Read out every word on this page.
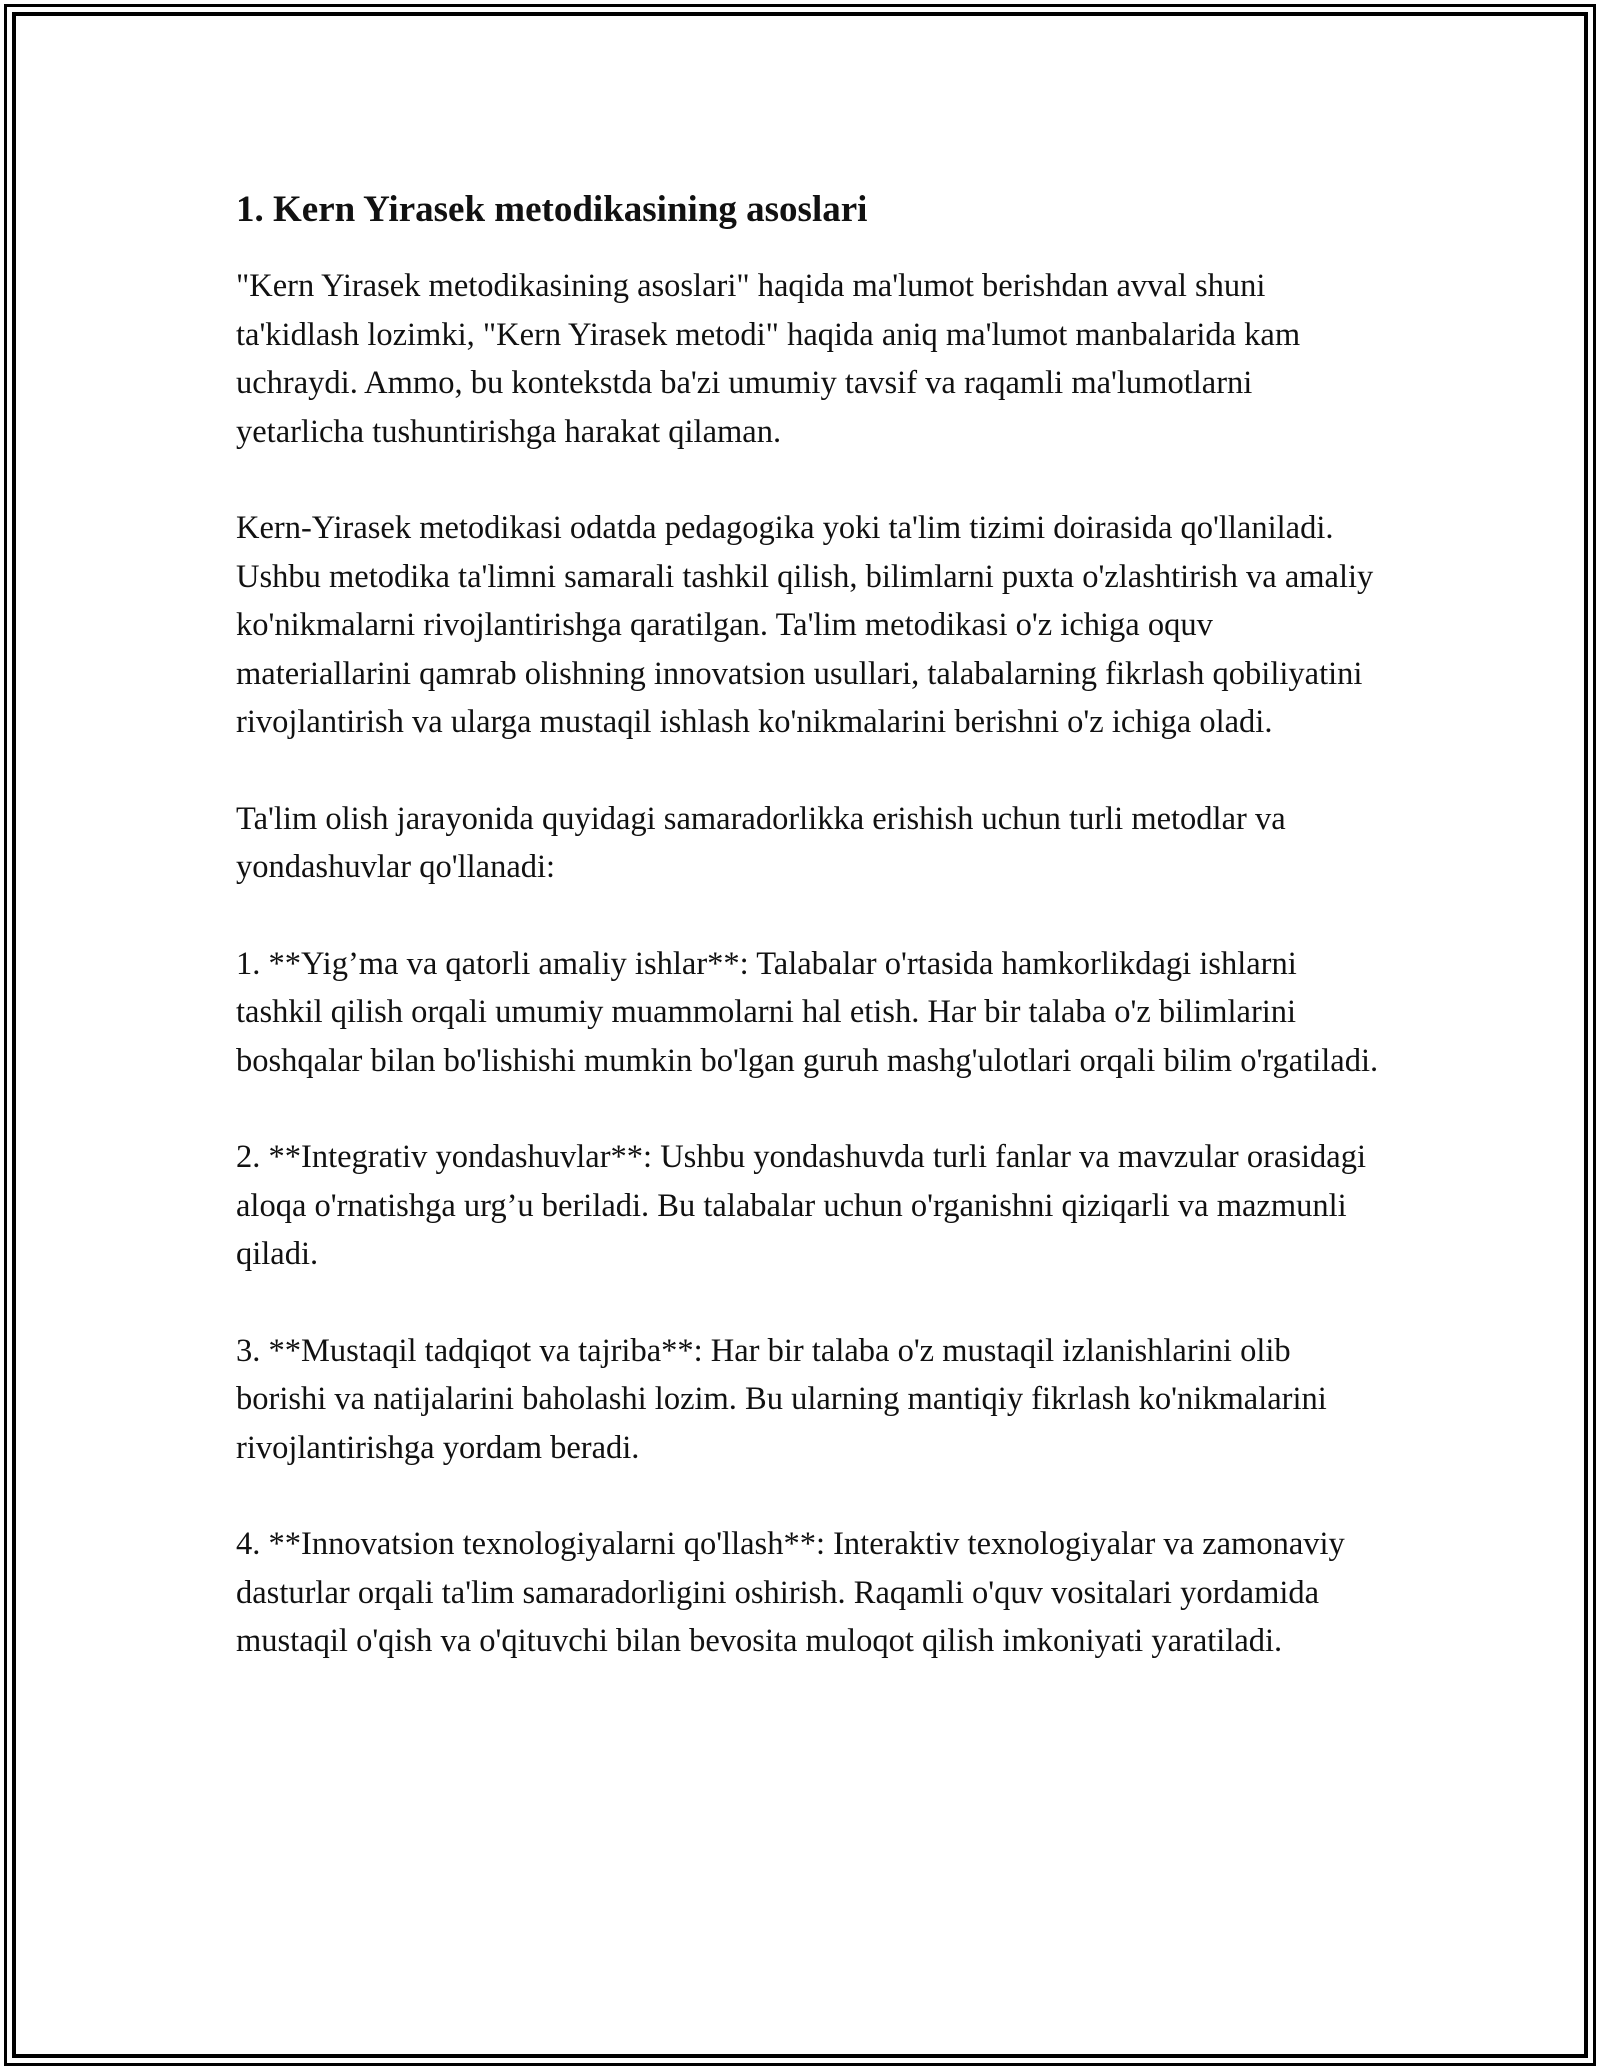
1. Kern Yirasek metodikasining asoslari

"Kern Yirasek metodikasining asoslari" haqida ma'lumot berishdan avval shuni ta'kidlash lozimki, "Kern Yirasek metodi" haqida aniq ma'lumot manbalarida kam uchraydi. Ammo, bu kontekstda ba'zi umumiy tavsif va raqamli ma'lumotlarni yetarlicha tushuntirishga harakat qilaman.

Kern-Yirasek metodikasi odatda pedagogika yoki ta'lim tizimi doirasida qo'llaniladi. Ushbu metodika ta'limni samarali tashkil qilish, bilimlarni puxta o'zlashtirish va amaliy ko'nikmalarni rivojlantirishga qaratilgan. Ta'lim metodikasi o'z ichiga oquv materiallarini qamrab olishning innovatsion usullari, talabalarning fikrlash qobiliyatini rivojlantirish va ularga mustaqil ishlash ko'nikmalarini berishni o'z ichiga oladi.

Ta'lim olish jarayonida quyidagi samaradorlikka erishish uchun turli metodlar va yondashuvlar qo'llanadi:

1. **Yig’ma va qatorli amaliy ishlar**: Talabalar o'rtasida hamkorlikdagi ishlarni tashkil qilish orqali umumiy muammolarni hal etish. Har bir talaba o'z bilimlarini boshqalar bilan bo'lishishi mumkin bo'lgan guruh mashg'ulotlari orqali bilim o'rgatiladi.

2. **Integrativ yondashuvlar**: Ushbu yondashuvda turli fanlar va mavzular orasidagi aloqa o'rnatishga urg’u beriladi. Bu talabalar uchun o'rganishni qiziqarli va mazmunli qiladi.

3. **Mustaqil tadqiqot va tajriba**: Har bir talaba o'z mustaqil izlanishlarini olib borishi va natijalarini baholashi lozim. Bu ularning mantiqiy fikrlash ko'nikmalarini rivojlantirishga yordam beradi.

4. **Innovatsion texnologiyalarni qo'llash**: Interaktiv texnologiyalar va zamonaviy dasturlar orqali ta'lim samaradorligini oshirish. Raqamli o'quv vositalari yordamida mustaqil o'qish va o'qituvchi bilan bevosita muloqot qilish imkoniyati yaratiladi.
